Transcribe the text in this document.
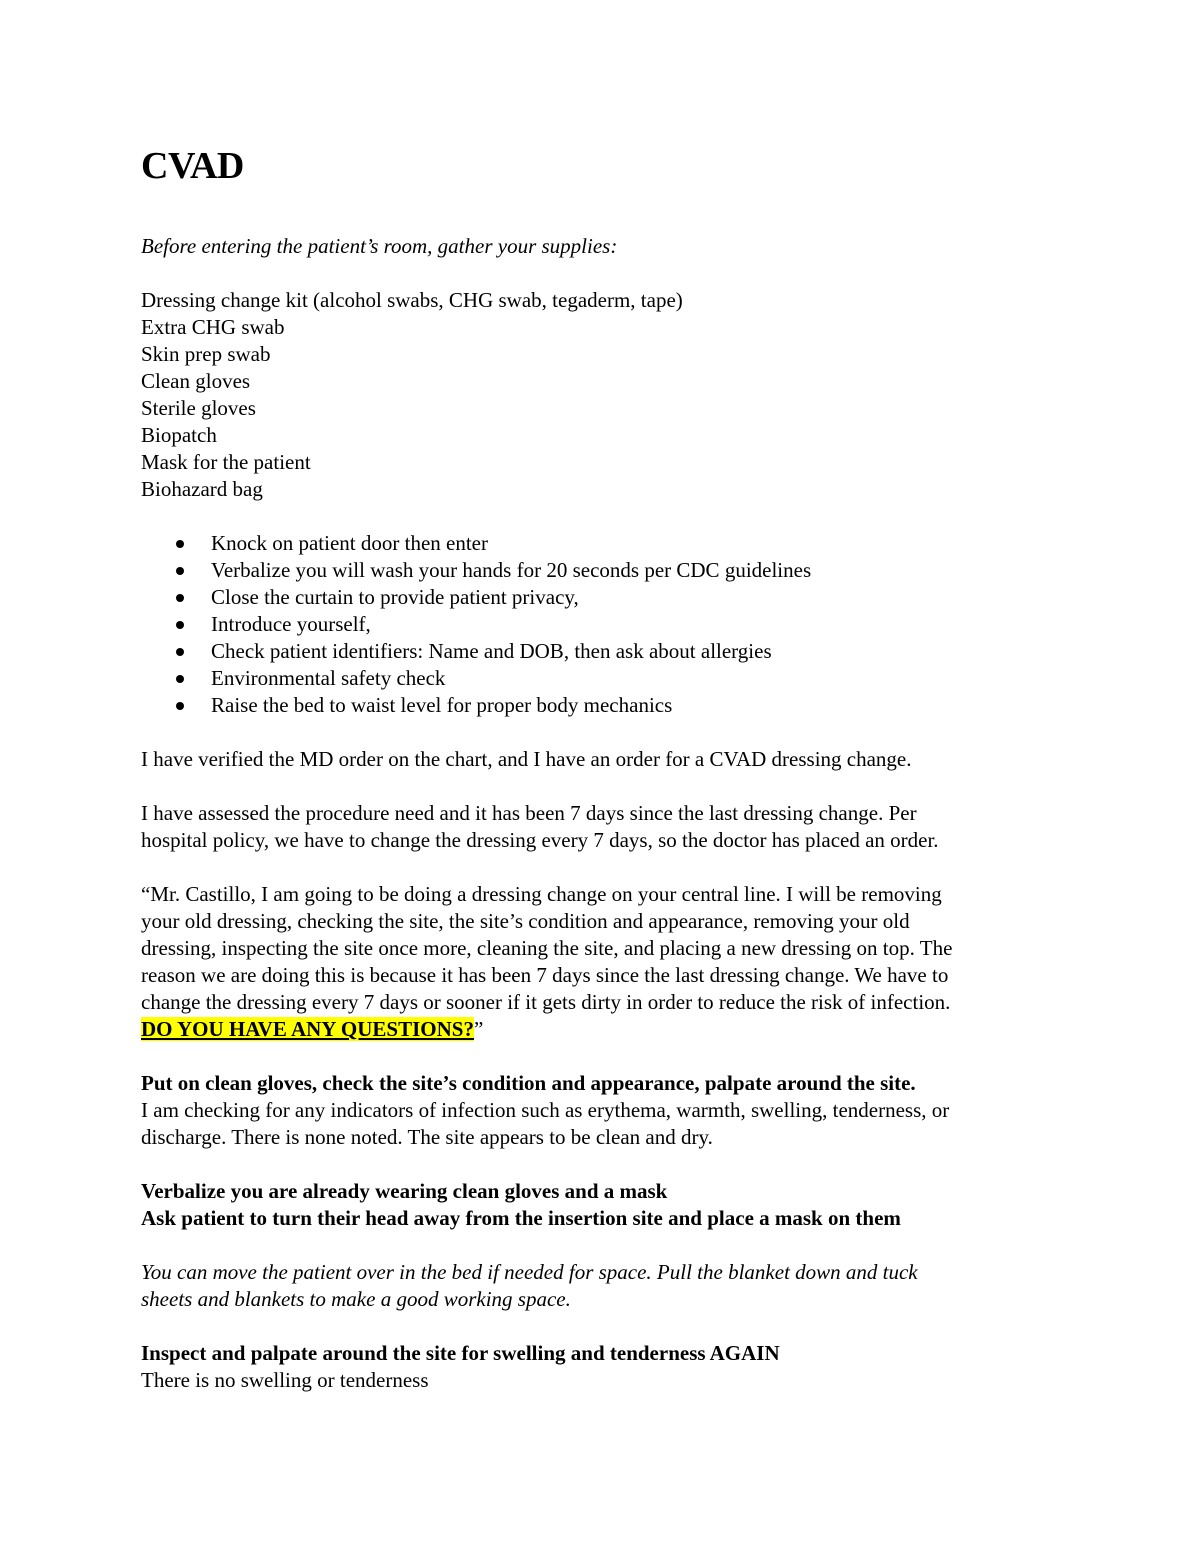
CVAD
Before entering the patient’s room, gather your supplies:
Dressing change kit (alcohol swabs, CHG swab, tegaderm, tape)
Extra CHG swab
Skin prep swab
Clean gloves
Sterile gloves
Biopatch
Mask for the patient
Biohazard bag
Knock on patient door then enter
Verbalize you will wash your hands for 20 seconds per CDC guidelines
Close the curtain to provide patient privacy,
Introduce yourself,
Check patient identifiers: Name and DOB, then ask about allergies
Environmental safety check
Raise the bed to waist level for proper body mechanics
I have verified the MD order on the chart, and I have an order for a CVAD dressing change.
I have assessed the procedure need and it has been 7 days since the last dressing change. Per
hospital policy, we have to change the dressing every 7 days, so the doctor has placed an order.
“Mr. Castillo, I am going to be doing a dressing change on your central line. I will be removing
your old dressing, checking the site, the site’s condition and appearance, removing your old
dressing, inspecting the site once more, cleaning the site, and placing a new dressing on top. The
reason we are doing this is because it has been 7 days since the last dressing change. We have to
change the dressing every 7 days or sooner if it gets dirty in order to reduce the risk of infection.
DO YOU HAVE ANY QUESTIONS?”
Put on clean gloves, check the site’s condition and appearance, palpate around the site.
I am checking for any indicators of infection such as erythema, warmth, swelling, tenderness, or
discharge. There is none noted. The site appears to be clean and dry.
Verbalize you are already wearing clean gloves and a mask
Ask patient to turn their head away from the insertion site and place a mask on them
You can move the patient over in the bed if needed for space. Pull the blanket down and tuck
sheets and blankets to make a good working space.
Inspect and palpate around the site for swelling and tenderness AGAIN
There is no swelling or tenderness
